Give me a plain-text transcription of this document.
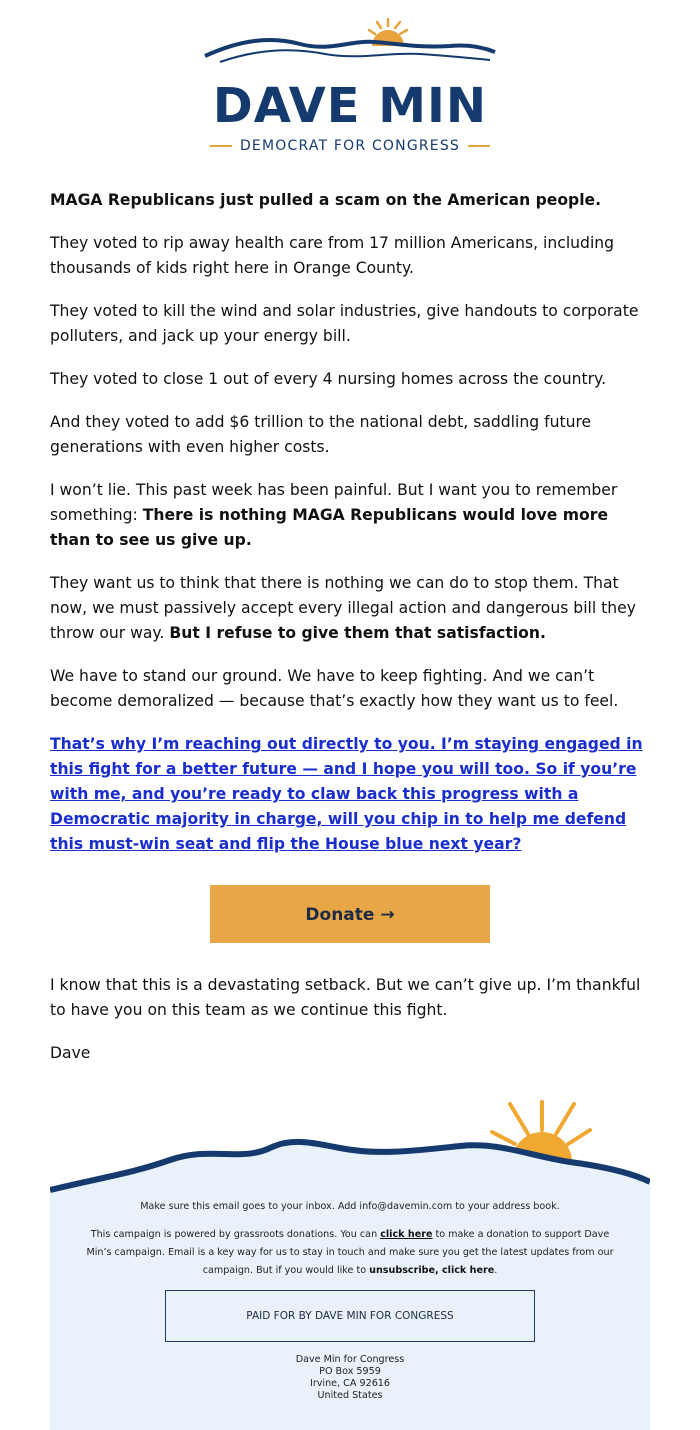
DAVE MIN
DEMOCRAT FOR CONGRESS

MAGA Republicans just pulled a scam on the American people.

They voted to rip away health care from 17 million Americans, including thousands of kids right here in Orange County.

They voted to kill the wind and solar industries, give handouts to corporate polluters, and jack up your energy bill.

They voted to close 1 out of every 4 nursing homes across the country.

And they voted to add $6 trillion to the national debt, saddling future generations with even higher costs.

I won’t lie. This past week has been painful. But I want you to remember something: There is nothing MAGA Republicans would love more than to see us give up.

They want us to think that there is nothing we can do to stop them. That now, we must passively accept every illegal action and dangerous bill they throw our way. But I refuse to give them that satisfaction.

We have to stand our ground. We have to keep fighting. And we can’t become demoralized — because that’s exactly how they want us to feel.

That’s why I’m reaching out directly to you. I’m staying engaged in this fight for a better future — and I hope you will too. So if you’re with me, and you’re ready to claw back this progress with a Democratic majority in charge, will you chip in to help me defend this must-win seat and flip the House blue next year?

Donate →

I know that this is a devastating setback. But we can’t give up. I’m thankful to have you on this team as we continue this fight.

Dave

Make sure this email goes to your inbox. Add info@davemin.com to your address book.

This campaign is powered by grassroots donations. You can click here to make a donation to support Dave Min’s campaign. Email is a key way for us to stay in touch and make sure you get the latest updates from our campaign. But if you would like to unsubscribe, click here.

PAID FOR BY DAVE MIN FOR CONGRESS
Dave Min for Congress
PO Box 5959
Irvine, CA 92616
United States
